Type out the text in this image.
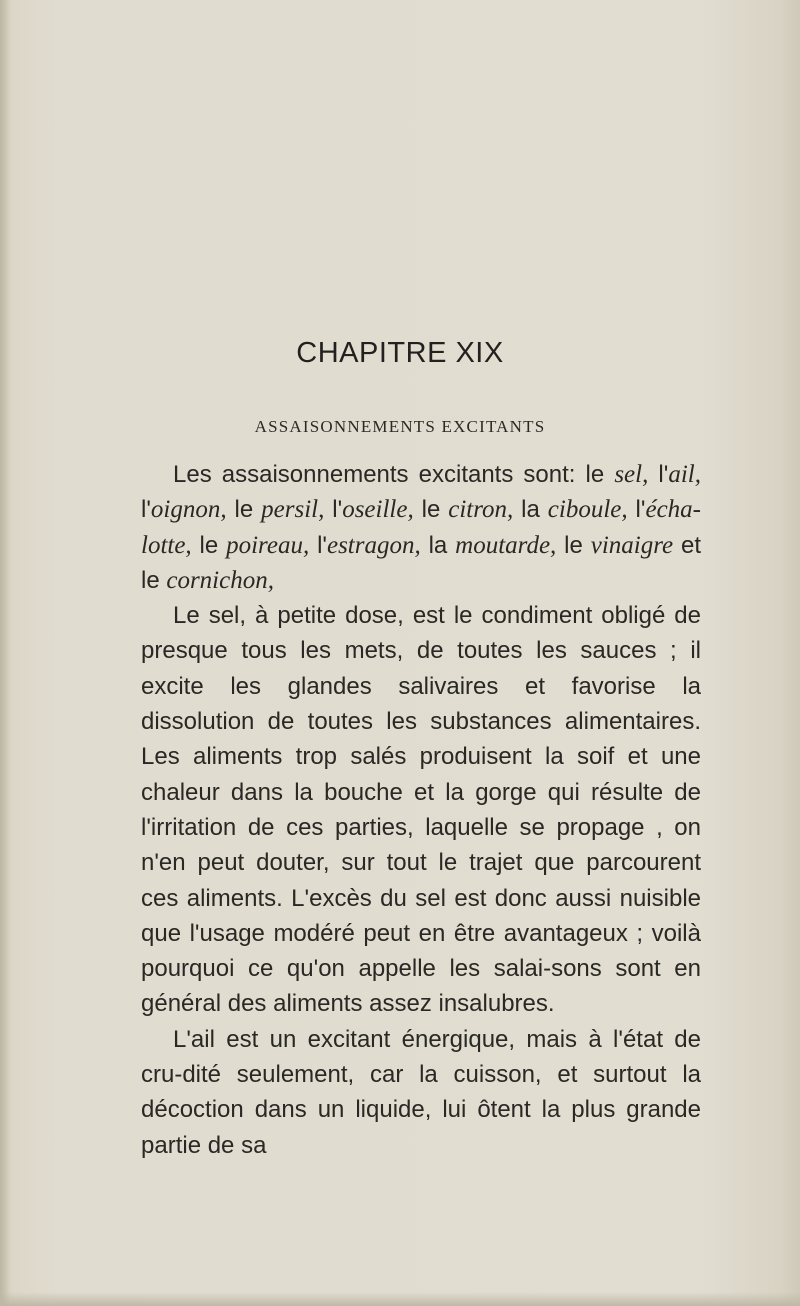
CHAPITRE XIX
ASSAISONNEMENTS EXCITANTS

Les assaisonnements excitants sont: le sel, l'ail, l'oignon, le persil, l'oseille, le citron, la ciboule, l'écha-lotte, le poireau, l'estragon, la moutarde, le vinaigre et le cornichon,

Le sel, à petite dose, est le condiment obligé de presque tous les mets, de toutes les sauces ; il excite les glandes salivaires et favorise la dissolution de toutes les substances alimentaires. Les aliments trop salés produisent la soif et une chaleur dans la bouche et la gorge qui résulte de l'irritation de ces parties, laquelle se propage , on n'en peut douter, sur tout le trajet que parcourent ces aliments. L'excès du sel est donc aussi nuisible que l'usage modéré peut en être avantageux ; voilà pourquoi ce qu'on appelle les salai-sons sont en général des aliments assez insalubres.

L'ail est un excitant énergique, mais à l'état de cru-dité seulement, car la cuisson, et surtout la décoction dans un liquide, lui ôtent la plus grande partie de sa
